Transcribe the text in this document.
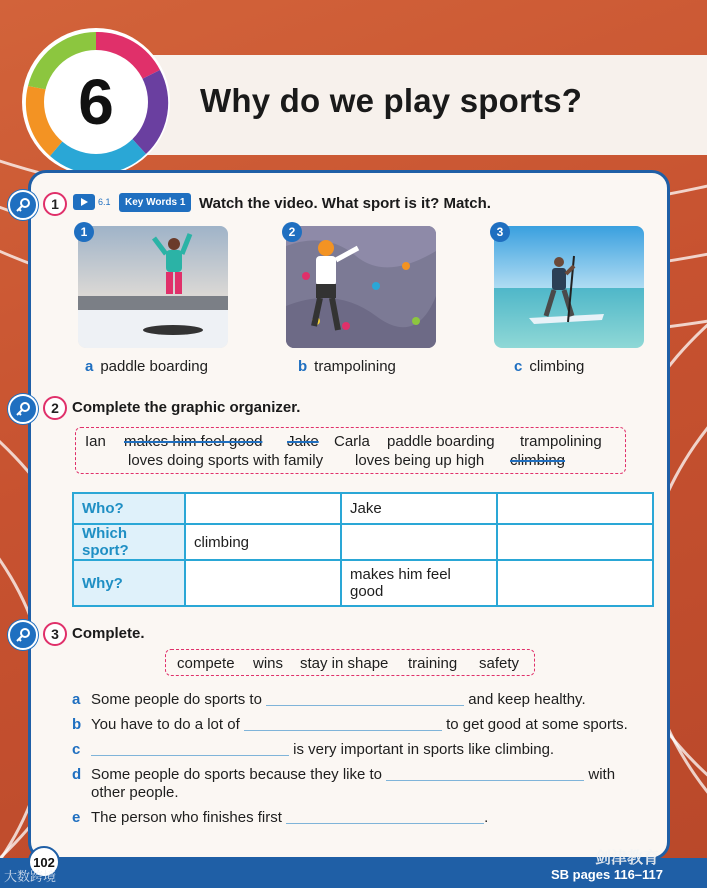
6	Why do we play sports?
1	6.1	Key Words 1 Watch the video. What sport is it? Match.
1	2	3
a paddle boarding	b trampolining	c climbing
2 Complete the graphic organizer.
Ian makes him feel good Jake Carla paddle boarding trampolining
loves doing sports with family loves being up high climbing
Who?		Jake	
Which sport?	climbing		
Why?		makes him feel good	
3 Complete.
compete wins stay in shape training safety
a Some people do sports to	and keep healthy.
b You have to do a lot of	to get good at some sports.
c	is very important in sports like climbing.
d Some people do sports because they like to	with
other people.
e The person who finishes first	.
102
大数跨境
剑津教育
SB pages 116–117
